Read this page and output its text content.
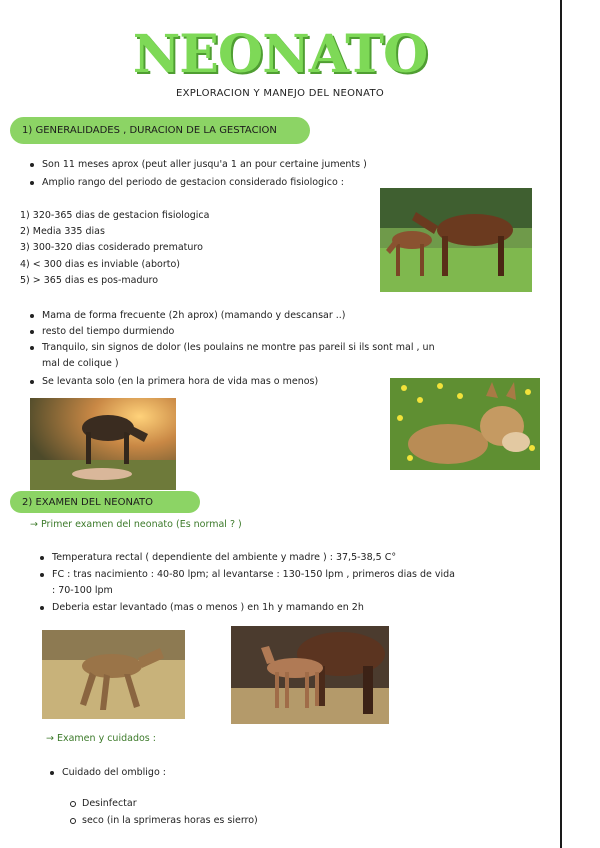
NEONATO
EXPLORACION Y MANEJO DEL NEONATO
1) GENERALIDADES , DURACION DE LA GESTACION
Son 11 meses aprox (peut aller jusqu'a 1 an pour certaine juments )
Amplio rango del periodo de gestacion considerado fisiologico :
1) 320-365 dias de gestacion fisiologica
2) Media 335 dias
3) 300-320 dias cosiderado prematuro
4) < 300 dias es inviable (aborto)
5) > 365 dias es pos-maduro
Mama de forma frecuente (2h aprox) (mamando y descansar ..)
resto del tiempo durmiendo
Tranquilo, sin signos de dolor (les poulains ne montre pas pareil si ils sont mal , un
mal de colique )
Se levanta solo (en la primera hora de vida mas o menos)
2) EXAMEN DEL NEONATO
→ Primer examen del neonato (Es normal ? )
Temperatura rectal ( dependiente del ambiente y madre ) : 37,5-38,5 C°
FC : tras nacimiento : 40-80 lpm; al levantarse : 130-150 lpm , primeros dias de vida
: 70-100 lpm
Deberia estar levantado (mas o menos ) en 1h y mamando en 2h
→ Examen y cuidados :
Cuidado del ombligo :
Desinfectar
seco (in la sprimeras horas es sierro)
